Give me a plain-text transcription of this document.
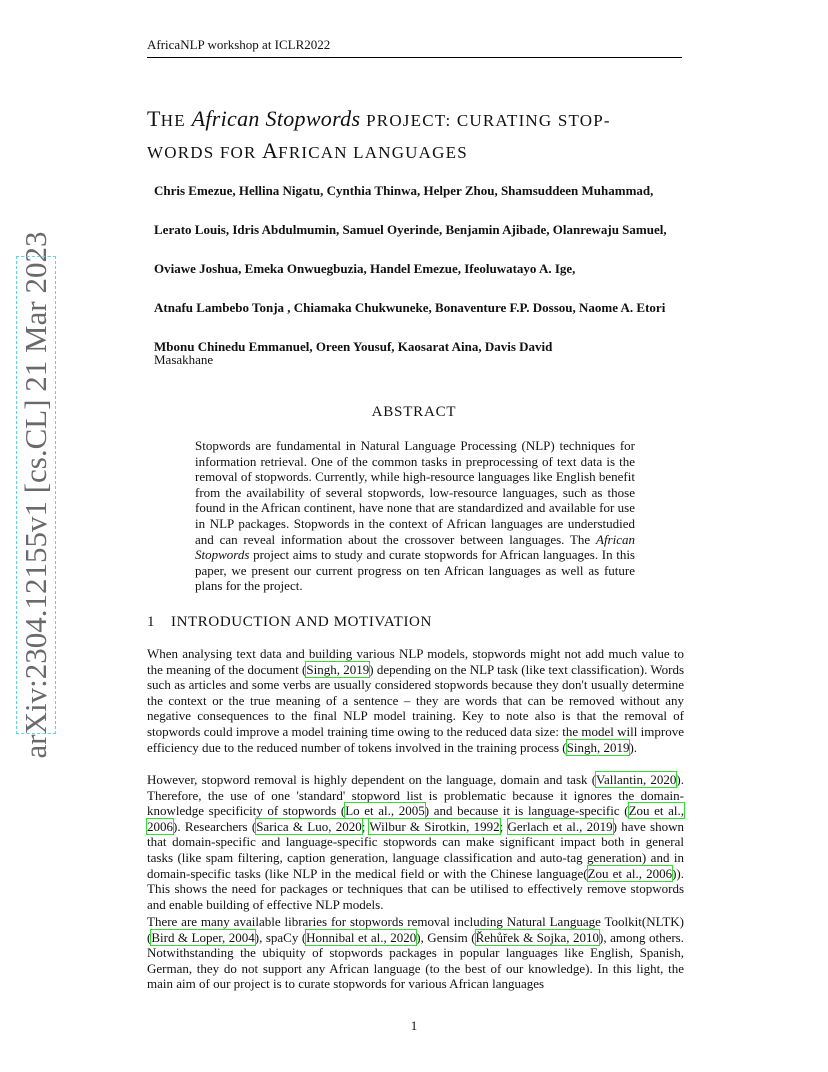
AfricaNLP workshop at ICLR2022
arXiv:2304.12155v1 [cs.CL] 21 Mar 2023
THE African Stopwords PROJECT: CURATING STOP-
WORDS FOR AFRICAN LANGUAGES
Chris Emezue, Hellina Nigatu, Cynthia Thinwa, Helper Zhou, Shamsuddeen Muhammad,
Lerato Louis, Idris Abdulmumin, Samuel Oyerinde, Benjamin Ajibade, Olanrewaju Samuel,
Oviawe Joshua, Emeka Onwuegbuzia, Handel Emezue, Ifeoluwatayo A. Ige,
Atnafu Lambebo Tonja , Chiamaka Chukwuneke, Bonaventure F.P. Dossou, Naome A. Etori
Mbonu Chinedu Emmanuel, Oreen Yousuf, Kaosarat Aina, Davis David
Masakhane
ABSTRACT
Stopwords are fundamental in Natural Language Processing (NLP) techniques for information retrieval. One of the common tasks in preprocessing of text data is the removal of stopwords. Currently, while high-resource languages like English benefit from the availability of several stopwords, low-resource languages, such as those found in the African continent, have none that are standardized and available for use in NLP packages. Stopwords in the context of African languages are understudied and can reveal information about the crossover between languages. The African Stopwords project aims to study and curate stopwords for African languages. In this paper, we present our current progress on ten African languages as well as future plans for the project.
1 INTRODUCTION AND MOTIVATION
When analysing text data and building various NLP models, stopwords might not add much value to the meaning of the document (Singh, 2019) depending on the NLP task (like text classification). Words such as articles and some verbs are usually considered stopwords because they don't usually determine the context or the true meaning of a sentence – they are words that can be removed without any negative consequences to the final NLP model training. Key to note also is that the removal of stopwords could improve a model training time owing to the reduced data size: the model will improve efficiency due to the reduced number of tokens involved in the training process (Singh, 2019).
However, stopword removal is highly dependent on the language, domain and task (Vallantin, 2020). Therefore, the use of one 'standard' stopword list is problematic because it ignores the domain-knowledge specificity of stopwords (Lo et al., 2005) and because it is language-specific (Zou et al., 2006). Researchers (Sarica & Luo, 2020; Wilbur & Sirotkin, 1992; Gerlach et al., 2019) have shown that domain-specific and language-specific stopwords can make significant impact both in general tasks (like spam filtering, caption generation, language classification and auto-tag generation) and in domain-specific tasks (like NLP in the medical field or with the Chinese language(Zou et al., 2006)). This shows the need for packages or techniques that can be utilised to effectively remove stopwords and enable building of effective NLP models.
There are many available libraries for stopwords removal including Natural Language Toolkit(NLTK) (Bird & Loper, 2004), spaCy (Honnibal et al., 2020), Gensim (Řehůřek & Sojka, 2010), among others. Notwithstanding the ubiquity of stopwords packages in popular languages like English, Spanish, German, they do not support any African language (to the best of our knowledge). In this light, the main aim of our project is to curate stopwords for various African languages
1
